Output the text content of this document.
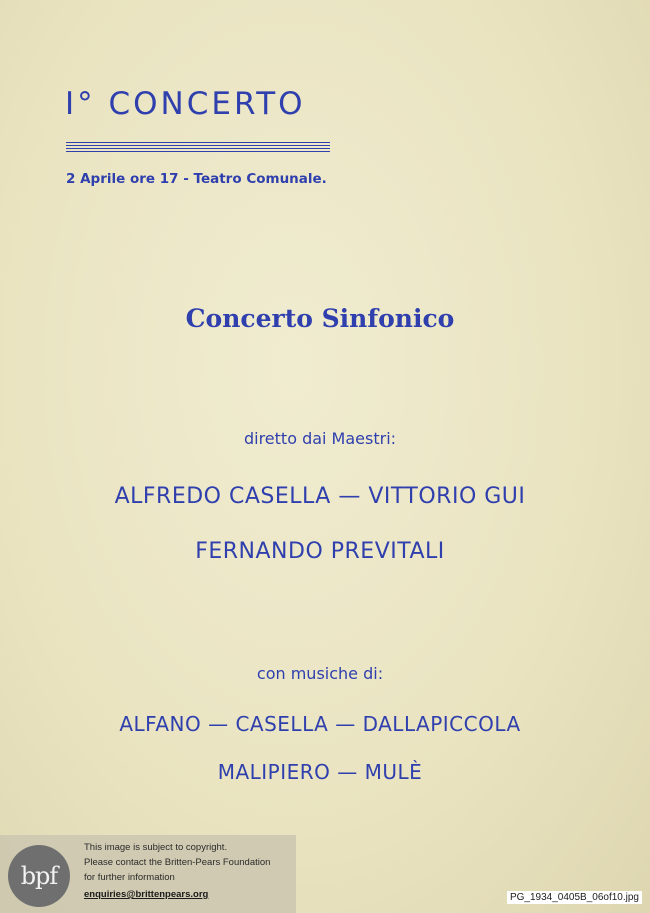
I° CONCERTO

2 Aprile ore 17 - Teatro Comunale.

Concerto Sinfonico

diretto dai Maestri:

ALFREDO CASELLA — VITTORIO GUI

FERNANDO PREVITALI

con musiche di:

ALFANO — CASELLA — DALLAPICCOLA

MALIPIERO — MULÈ

bpf
This image is subject to copyright.
Please contact the Britten-Pears Foundation
for further information
enquiries@brittenpears.org	PG_1934_0405B_06of10.jpg
